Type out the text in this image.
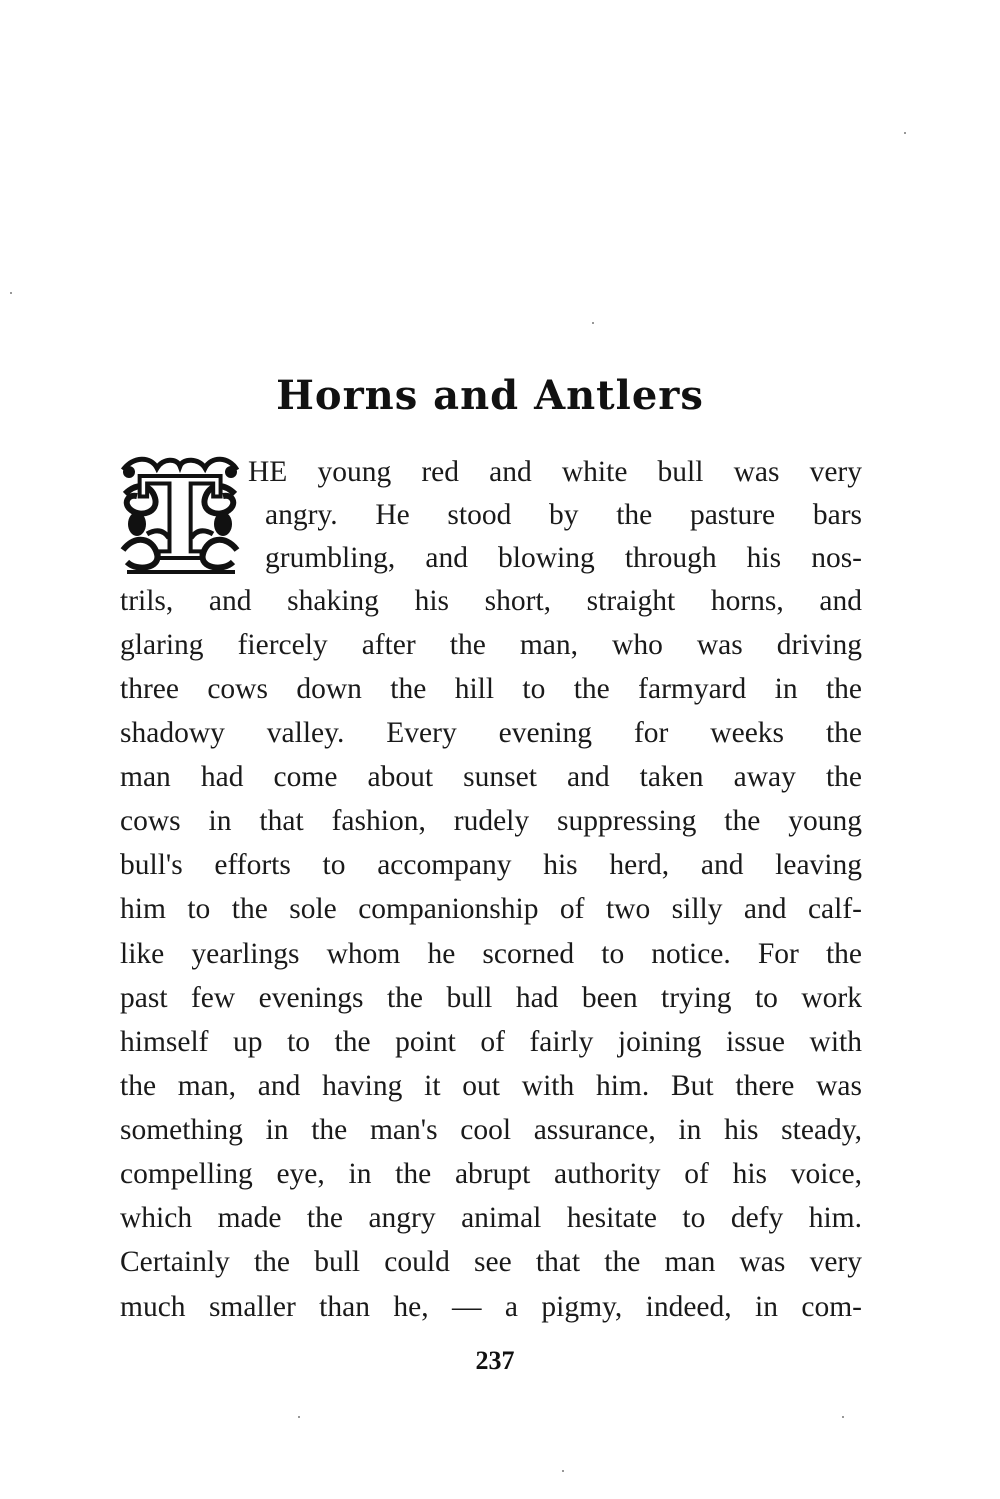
Horns and Antlers
T HE young red and white bull was very
angry. He stood by the pasture bars
grumbling, and blowing through his nos-
trils, and shaking his short, straight horns, and
glaring fiercely after the man, who was driving
three cows down the hill to the farmyard in the
shadowy valley. Every evening for weeks the
man had come about sunset and taken away the
cows in that fashion, rudely suppressing the young
bull's efforts to accompany his herd, and leaving
him to the sole companionship of two silly and calf-
like yearlings whom he scorned to notice. For the
past few evenings the bull had been trying to work
himself up to the point of fairly joining issue with
the man, and having it out with him. But there was
something in the man's cool assurance, in his steady,
compelling eye, in the abrupt authority of his voice,
which made the angry animal hesitate to defy him.
Certainly the bull could see that the man was very
much smaller than he, — a pigmy, indeed, in com-
237
